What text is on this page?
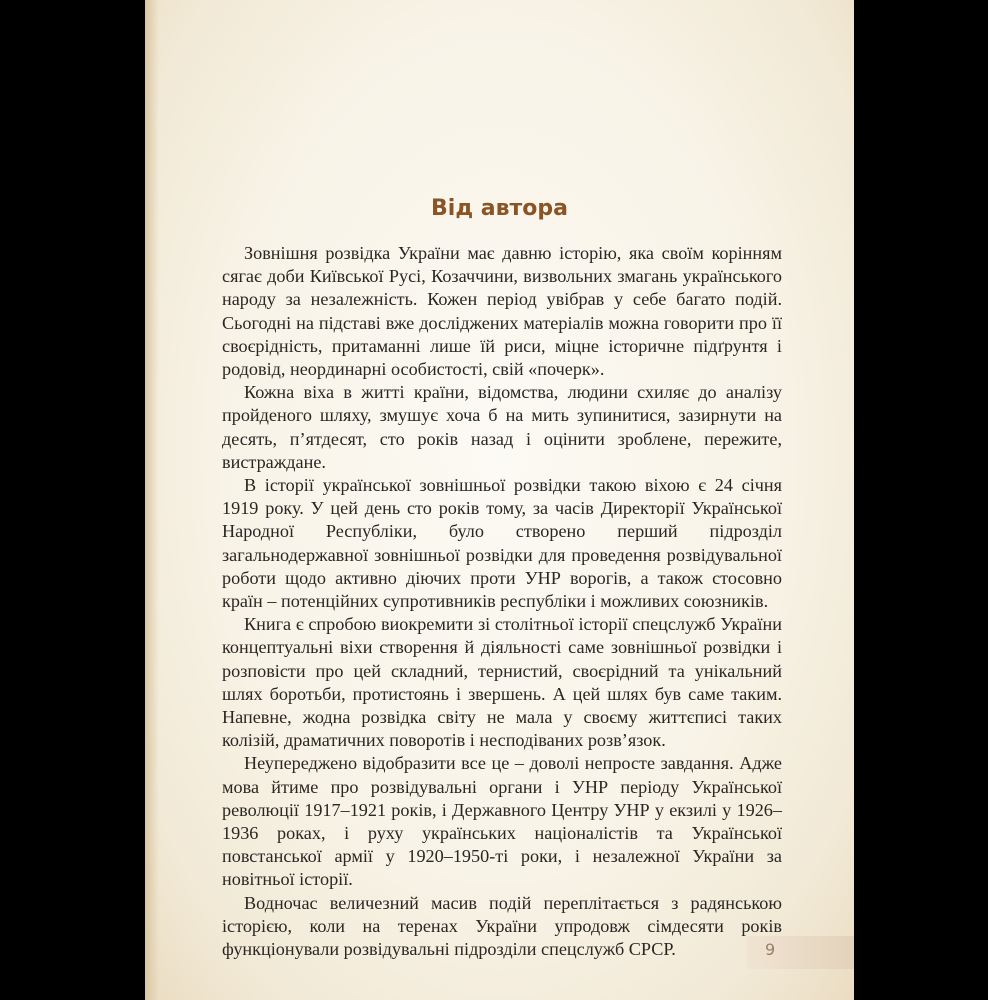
Від автора

Зовнішня розвідка України має давню історію, яка своїм корінням сягає доби Київської Русі, Козаччини, визвольних змагань українського народу за незалежність. Кожен період увібрав у себе багато подій. Сьогодні на підставі вже досліджених матеріалів можна говорити про її своєрідність, притаманні лише їй риси, міцне історичне підґрунтя і родовід, неординарні особистості, свій «почерк».

Кожна віха в житті країни, відомства, людини схиляє до аналізу пройденого шляху, змушує хоча б на мить зупинитися, зазирнути на десять, п’ятдесят, сто років назад і оцінити зроблене, пережите, вистраждане.

В історії української зовнішньої розвідки такою віхою є 24 січня 1919 року. У цей день сто років тому, за часів Директорії Української Народної Республіки, було створено перший підрозділ загальнодержавної зовнішньої розвідки для проведення розвідувальної роботи щодо активно діючих проти УНР ворогів, а також стосовно країн – потенційних супротивників республіки і можливих союзників.

Книга є спробою виокремити зі столітньої історії спецслужб України концептуальні віхи створення й діяльності саме зовнішньої розвідки і розповісти про цей складний, тернистий, своєрідний та унікальний шлях боротьби, протистоянь і звершень. А цей шлях був саме таким. Напевне, жодна розвідка світу не мала у своєму життєписі таких колізій, драматичних поворотів і несподіваних розв’язок.

Неупереджено відобразити все це – доволі непросте завдання. Адже мова йтиме про розвідувальні органи і УНР періоду Української революції 1917–1921 років, і Державного Центру УНР у екзилі у 1926–1936 роках, і руху українських націоналістів та Української повстанської армії у 1920–1950-ті роки, і незалежної України за новітньої історії.

Водночас величезний масив подій переплітається з радянською історією, коли на теренах України упродовж сімдесяти років функціонували розвідувальні підрозділи спецслужб СРСР.	9
